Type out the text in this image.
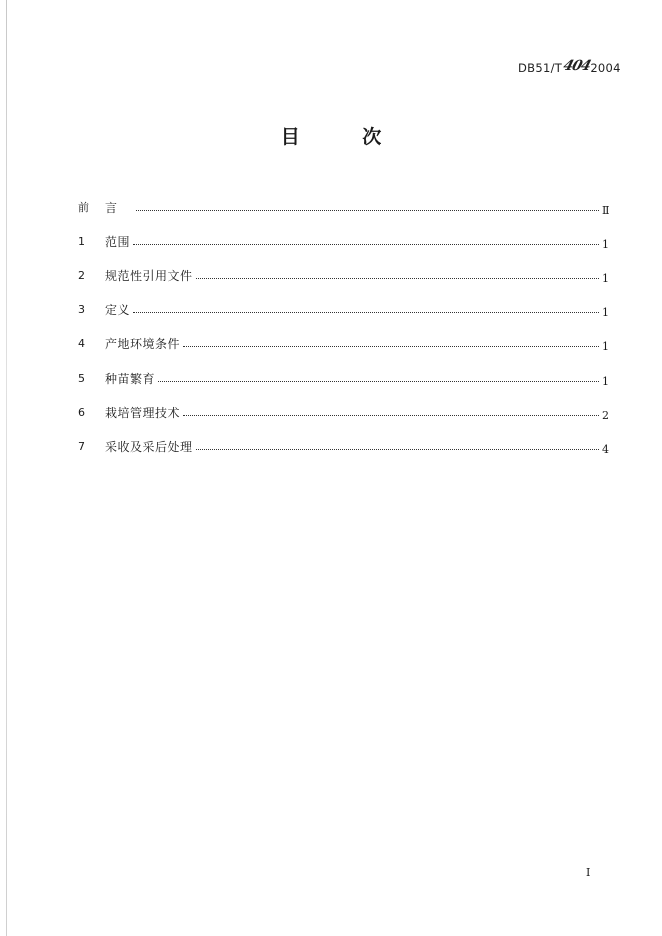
DB51/T 404
2004
目 次
前	言	Ⅱ
1	范围	1
2	规范性引用文件	1
3	定义	1
4	产地环境条件	1
5	种苗繁育	1
6	栽培管理技术	2
7	采收及采后处理	4
I
